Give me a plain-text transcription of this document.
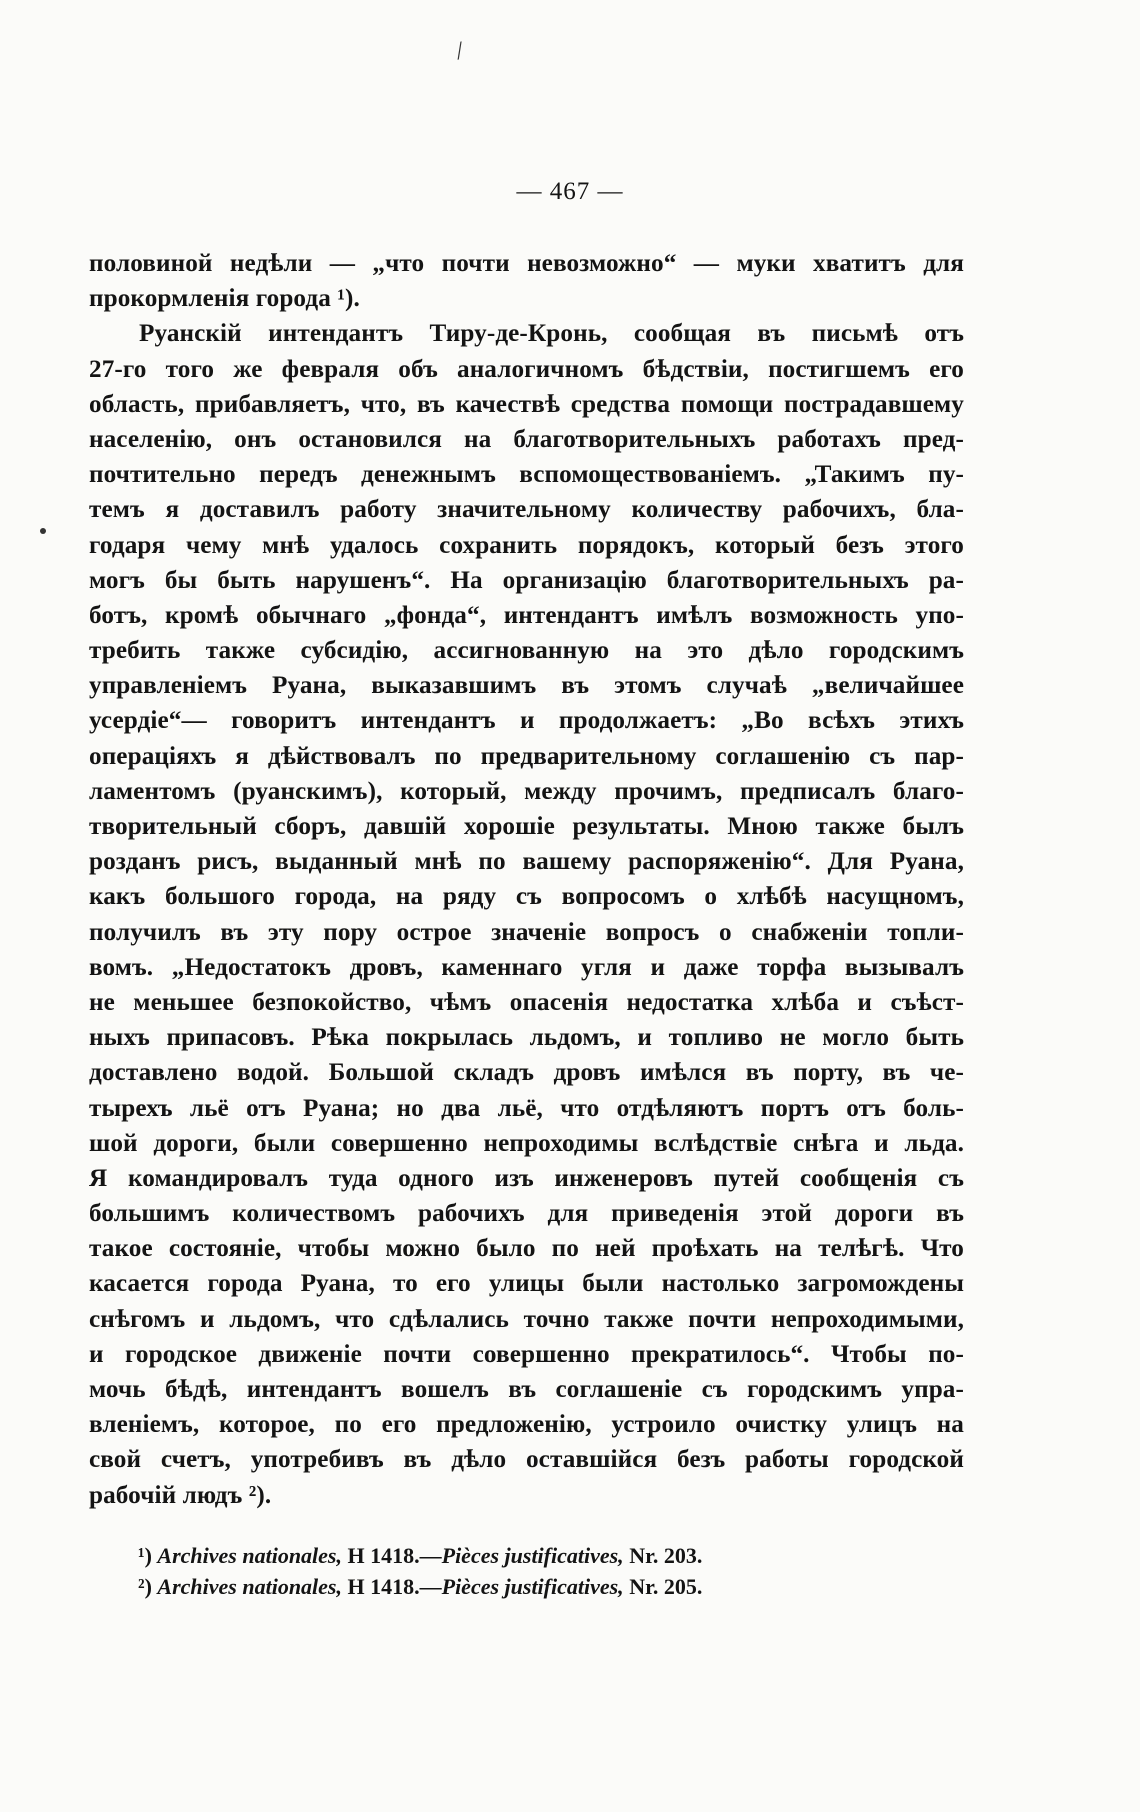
/
— 467 —
половиной недѣли — „что почти невозможно“ — муки хватитъ для
прокормленія города ¹).
Руанскій интендантъ Тиру-де-Кронь, сообщая въ письмѣ отъ
27-го того же февраля объ аналогичномъ бѣдствіи, постигшемъ его
область, прибавляетъ, что, въ качествѣ средства помощи пострадавшему
населенію, онъ остановился на благотворительныхъ работахъ пред-
почтительно передъ денежнымъ вспомоществованіемъ. „Такимъ пу-
темъ я доставилъ работу значительному количеству рабочихъ, бла-
годаря чему мнѣ удалось сохранить порядокъ, который безъ этого
могъ бы быть нарушенъ“. На организацію благотворительныхъ ра-
ботъ, кромѣ обычнаго „фонда“, интендантъ имѣлъ возможность упо-
требить также субсидію, ассигнованную на это дѣло городскимъ
управленіемъ Руана, выказавшимъ въ этомъ случаѣ „величайшее
усердіе“— говоритъ интендантъ и продолжаетъ: „Во всѣхъ этихъ
операціяхъ я дѣйствовалъ по предварительному соглашенію съ пар-
ламентомъ (руанскимъ), который, между прочимъ, предписалъ благо-
творительный сборъ, давшій хорошіе результаты. Мною также былъ
розданъ рисъ, выданный мнѣ по вашему распоряженію“. Для Руана,
какъ большого города, на ряду съ вопросомъ о хлѣбѣ насущномъ,
получилъ въ эту пору острое значеніе вопросъ о снабженіи топли-
вомъ. „Недостатокъ дровъ, каменнаго угля и даже торфа вызывалъ
не меньшее безпокойство, чѣмъ опасенія недостатка хлѣба и съѣст-
ныхъ припасовъ. Рѣка покрылась льдомъ, и топливо не могло быть
доставлено водой. Большой складъ дровъ имѣлся въ порту, въ че-
тырехъ льё отъ Руана; но два льё, что отдѣляютъ портъ отъ боль-
шой дороги, были совершенно непроходимы вслѣдствіе снѣга и льда.
Я командировалъ туда одного изъ инженеровъ путей сообщенія съ
большимъ количествомъ рабочихъ для приведенія этой дороги въ
такое состояніе, чтобы можно было по ней проѣхать на телѣгѣ. Что
касается города Руана, то его улицы были настолько загромождены
снѣгомъ и льдомъ, что сдѣлались точно также почти непроходимыми,
и городское движеніе почти совершенно прекратилось“. Чтобы по-
мочь бѣдѣ, интендантъ вошелъ въ соглашеніе съ городскимъ упра-
вленіемъ, которое, по его предложенію, устроило очистку улицъ на
свой счетъ, употребивъ въ дѣло оставшійся безъ работы городской
рабочій людъ ²).
¹) Archives nationales, H 1418.—Pièces justificatives, Nr. 203.
²) Archives nationales, H 1418.—Pièces justificatives, Nr. 205.
